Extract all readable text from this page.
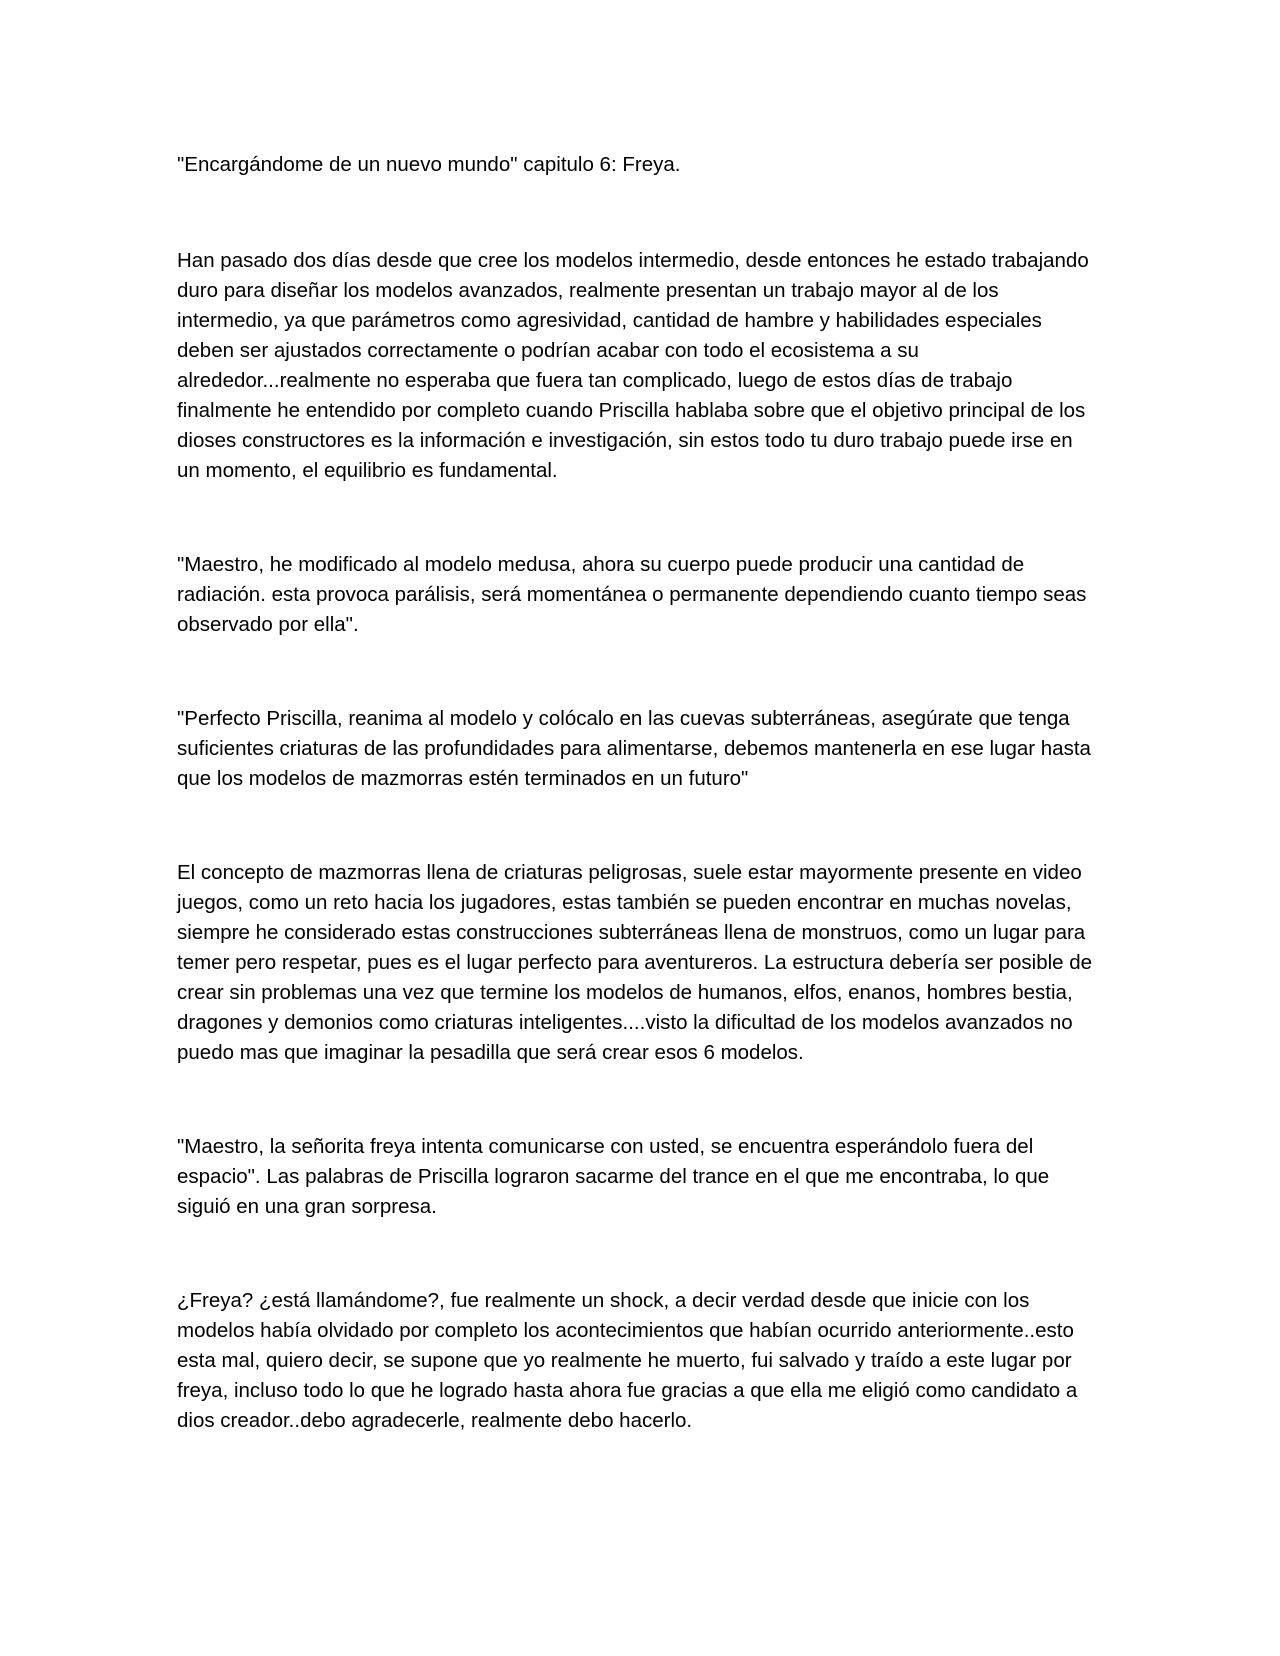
"Encargándome de un nuevo mundo" capitulo 6: Freya.

Han pasado dos días desde que cree los modelos intermedio, desde entonces he estado trabajando duro para diseñar los modelos avanzados, realmente presentan un trabajo mayor al de los intermedio, ya que parámetros como agresividad, cantidad de hambre y habilidades especiales deben ser ajustados correctamente o podrían acabar con todo el ecosistema a su alrededor...realmente no esperaba que fuera tan complicado, luego de estos días de trabajo finalmente he entendido por completo cuando Priscilla hablaba sobre que el objetivo principal de los dioses constructores es la información e investigación, sin estos todo tu duro trabajo puede irse en un momento, el equilibrio es fundamental.

"Maestro, he modificado al modelo medusa, ahora su cuerpo puede producir una cantidad de radiación. esta provoca parálisis, será momentánea o permanente dependiendo cuanto tiempo seas observado por ella".

"Perfecto Priscilla, reanima al modelo y colócalo en las cuevas subterráneas, asegúrate que tenga suficientes criaturas de las profundidades para alimentarse, debemos mantenerla en ese lugar hasta que los modelos de mazmorras estén terminados en un futuro"

El concepto de mazmorras llena de criaturas peligrosas, suele estar mayormente presente en video juegos, como un reto hacia los jugadores, estas también se pueden encontrar en muchas novelas, siempre he considerado estas construcciones subterráneas llena de monstruos, como un lugar para temer pero respetar, pues es el lugar perfecto para aventureros. La estructura debería ser posible de crear sin problemas una vez que termine los modelos de humanos, elfos, enanos, hombres bestia, dragones y demonios como criaturas inteligentes....visto la dificultad de los modelos avanzados no puedo mas que imaginar la pesadilla que será crear esos 6 modelos.

"Maestro, la señorita freya intenta comunicarse con usted, se encuentra esperándolo fuera del espacio". Las palabras de Priscilla lograron sacarme del trance en el que me encontraba, lo que siguió en una gran sorpresa.

¿Freya? ¿está llamándome?, fue realmente un shock, a decir verdad desde que inicie con los modelos había olvidado por completo los acontecimientos que habían ocurrido anteriormente..esto esta mal, quiero decir, se supone que yo realmente he muerto, fui salvado y traído a este lugar por freya, incluso todo lo que he logrado hasta ahora fue gracias a que ella me eligió como candidato a dios creador..debo agradecerle, realmente debo hacerlo.
